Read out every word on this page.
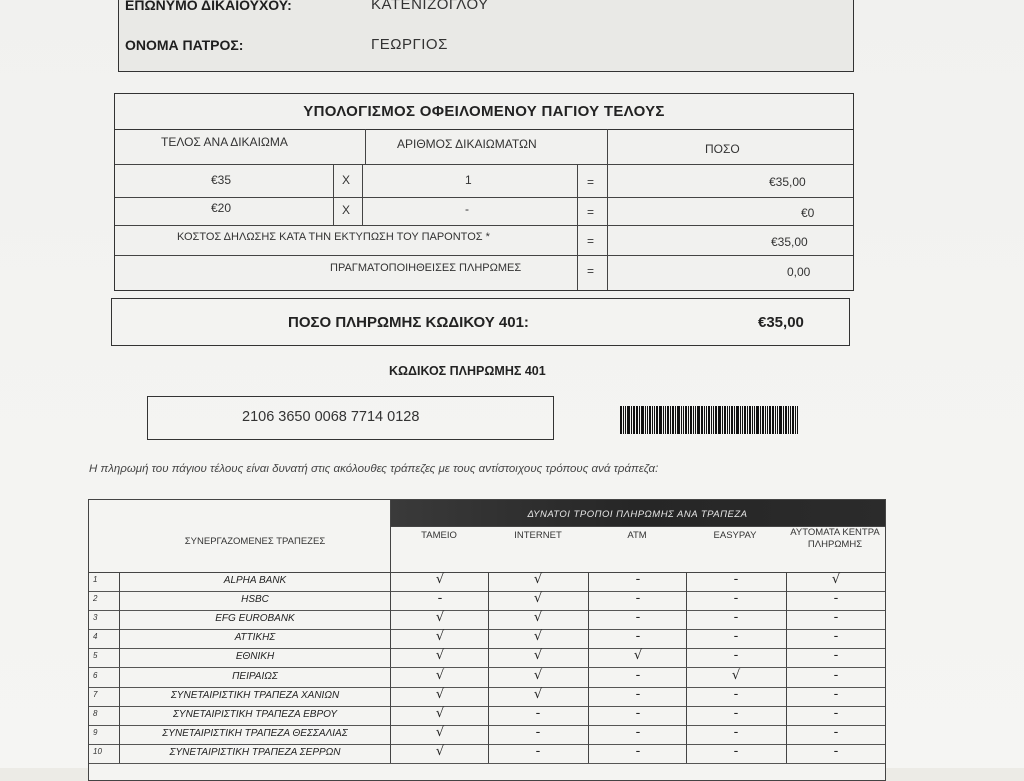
ΕΠΩΝΥΜΟ ΔΙΚΑΙΟΥΧΟΥ:	ΚΑΤΕΝΙΖΟΓΛΟΥ
ΟΝΟΜΑ ΠΑΤΡΟΣ:	ΓΕΩΡΓΙΟΣ
ΥΠΟΛΟΓΙΣΜΟΣ ΟΦΕΙΛΟΜΕΝΟΥ ΠΑΓΙΟΥ ΤΕΛΟΥΣ
ΤΕΛΟΣ ΑΝΑ ΔΙΚΑΙΩΜΑ	ΑΡΙΘΜΟΣ ΔΙΚΑΙΩΜΑΤΩΝ	ΠΟΣΟ
€35	X	1	=	€35,00
€20	X	-	=	€0
ΚΟΣΤΟΣ ΔΗΛΩΣΗΣ ΚΑΤΑ ΤΗΝ ΕΚΤΥΠΩΣΗ ΤΟΥ ΠΑΡΟΝΤΟΣ *	=	€35,00
ΠΡΑΓΜΑΤΟΠΟΙΗΘΕΙΣΕΣ ΠΛΗΡΩΜΕΣ	=	0,00
ΠΟΣΟ ΠΛΗΡΩΜΗΣ ΚΩΔΙΚΟΥ 401:	€35,00
ΚΩΔΙΚΟΣ ΠΛΗΡΩΜΗΣ 401
2106 3650 0068 7714 0128
Η πληρωμή του πάγιου τέλους είναι δυνατή στις ακόλουθες τράπεζες με τους αντίστοιχους τρόπους ανά τράπεζα:
ΔΥΝΑΤΟΙ ΤΡΟΠΟΙ ΠΛΗΡΩΜΗΣ ΑΝΑ ΤΡΑΠΕΖΑ
ΣΥΝΕΡΓΑΖΟΜΕΝΕΣ ΤΡΑΠΕΖΕΣ
ΤΑΜΕΙΟ	INTERNET	ATM	EASYPAY	ΑΥΤΟΜΑΤΑ ΚΕΝΤΡΑ ΠΛΗΡΩΜΗΣ
1	ALPHA BANK	√	√	-	-	√
2	HSBC	-	√	-	-	-
3	EFG EUROBANK	√	√	-	-	-
4	ΑΤΤΙΚΗΣ	√	√	-	-	-
5	ΕΘΝΙΚΗ	√	√	√	-	-
6	ΠΕΙΡΑΙΩΣ	√	√	-	√	-
7	ΣΥΝΕΤΑΙΡΙΣΤΙΚΗ ΤΡΑΠΕΖΑ ΧΑΝΙΩΝ	√	√	-	-	-
8	ΣΥΝΕΤΑΙΡΙΣΤΙΚΗ ΤΡΑΠΕΖΑ ΕΒΡΟΥ	√	-	-	-	-
9	ΣΥΝΕΤΑΙΡΙΣΤΙΚΗ ΤΡΑΠΕΖΑ ΘΕΣΣΑΛΙΑΣ	√	-	-	-	-
10	ΣΥΝΕΤΑΙΡΙΣΤΙΚΗ ΤΡΑΠΕΖΑ ΣΕΡΡΩΝ	√	-	-	-	-
